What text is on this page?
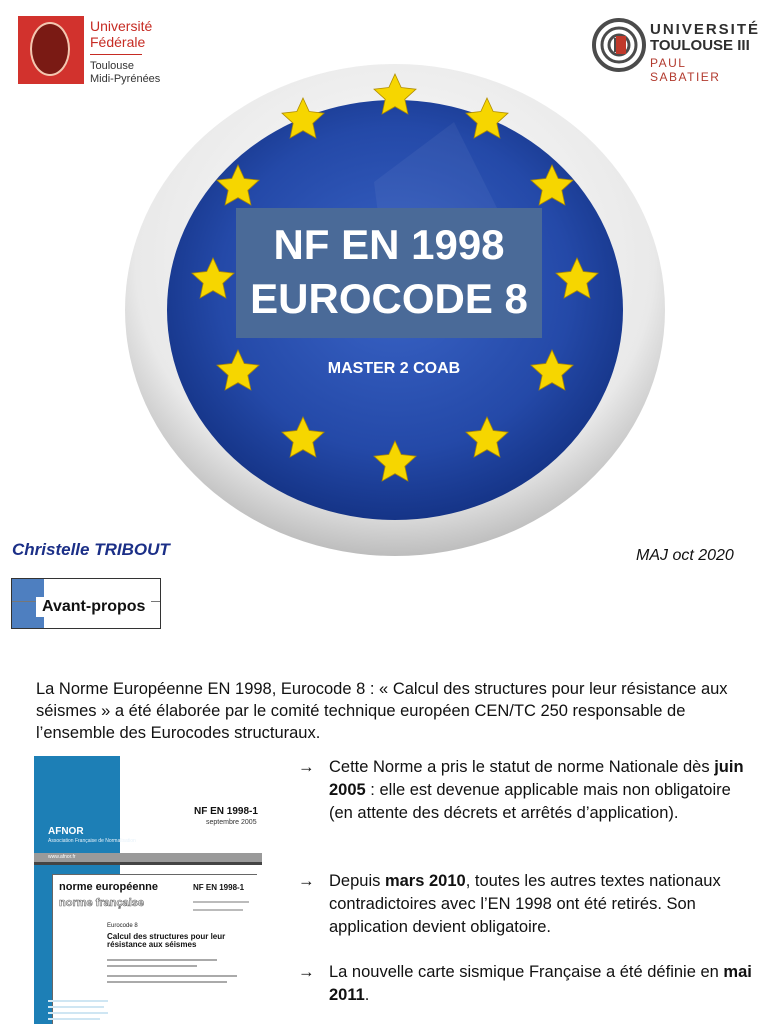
Université
Fédérale
Toulouse
Midi-Pyrénées
UNIVERSITÉ
TOULOUSE III
PAUL SABATIER
NF EN 1998
EUROCODE 8
MASTER 2 COAB
Christelle TRIBOUT	MAJ oct 2020
Avant-propos
La Norme Européenne EN 1998, Eurocode 8 : « Calcul des structures pour leur résistance aux séismes » a été élaborée par le comité technique européen CEN/TC 250 responsable de l’ensemble des Eurocodes structuraux.
AFNOR
Association Française de Normalisation
www.afnor.fr
NF EN 1998-1
septembre 2005
norme européenne
norme française
NF EN 1998-1
Eurocode 8
Calcul des structures pour leur résistance aux séismes
→ Cette Norme a pris le statut de norme Nationale dès juin 2005 : elle est devenue applicable mais non obligatoire (en attente des décrets et arrêtés d’application).
→ Depuis mars 2010, toutes les autres textes nationaux contradictoires avec l’EN 1998 ont été retirés. Son application devient obligatoire.
→ La nouvelle carte sismique Française a été définie en mai 2011.
